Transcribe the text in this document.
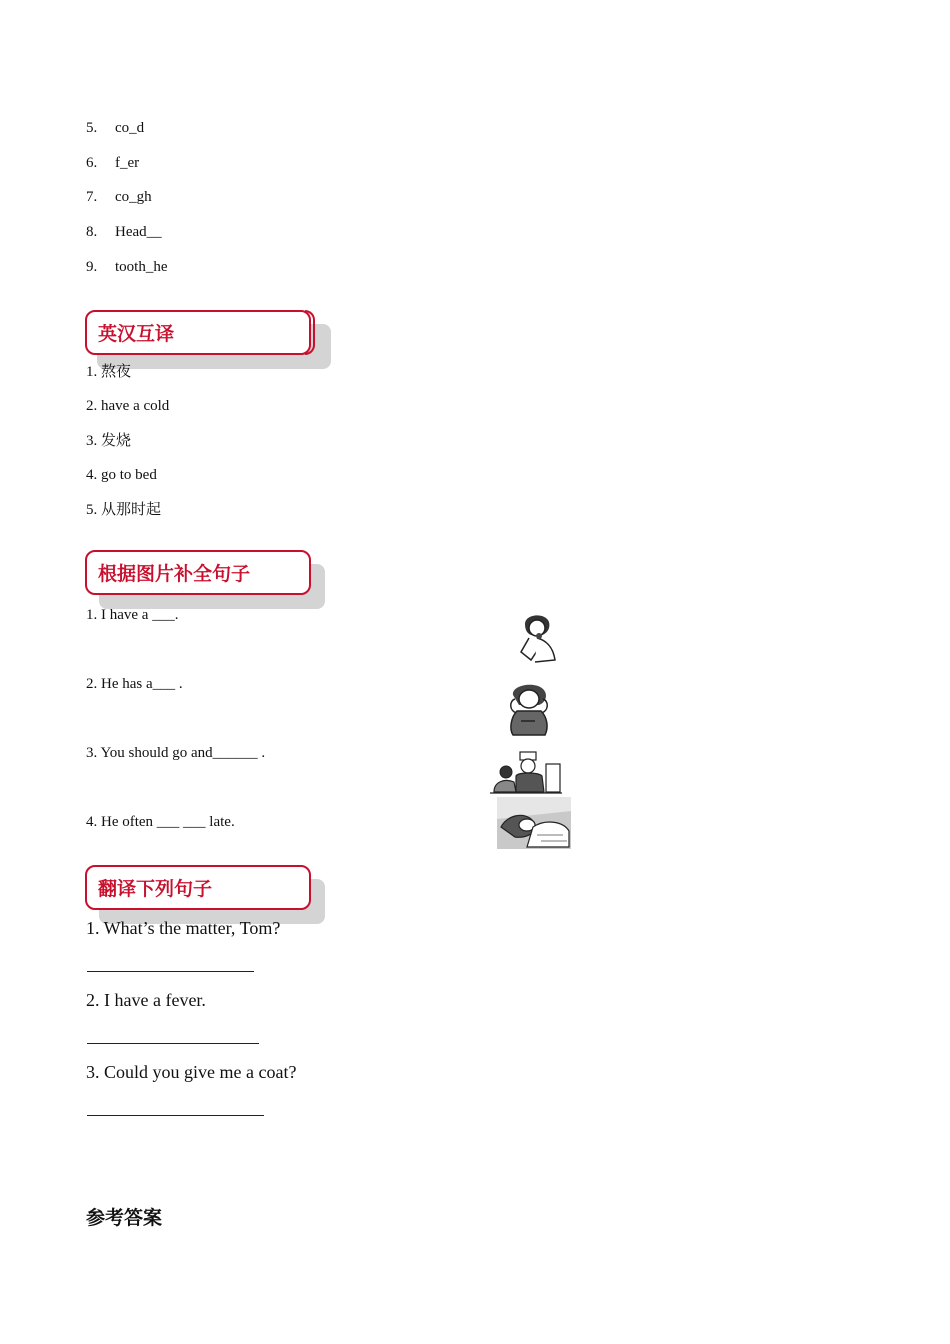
5. co_d
6. f_er
7. co_gh
8. Head__
9. tooth_he
英汉互译
1. 熬夜
2. have a cold
3. 发烧
4. go to bed
5. 从那时起
根据图片补全句子
1. I have a ___.
2. He has a___ .
3. You should go and______ .
4. He often ___ ___ late.
翻译下列句子
1. What’s the matter, Tom?
2. I have a fever.
3. Could you give me a coat?
参考答案
